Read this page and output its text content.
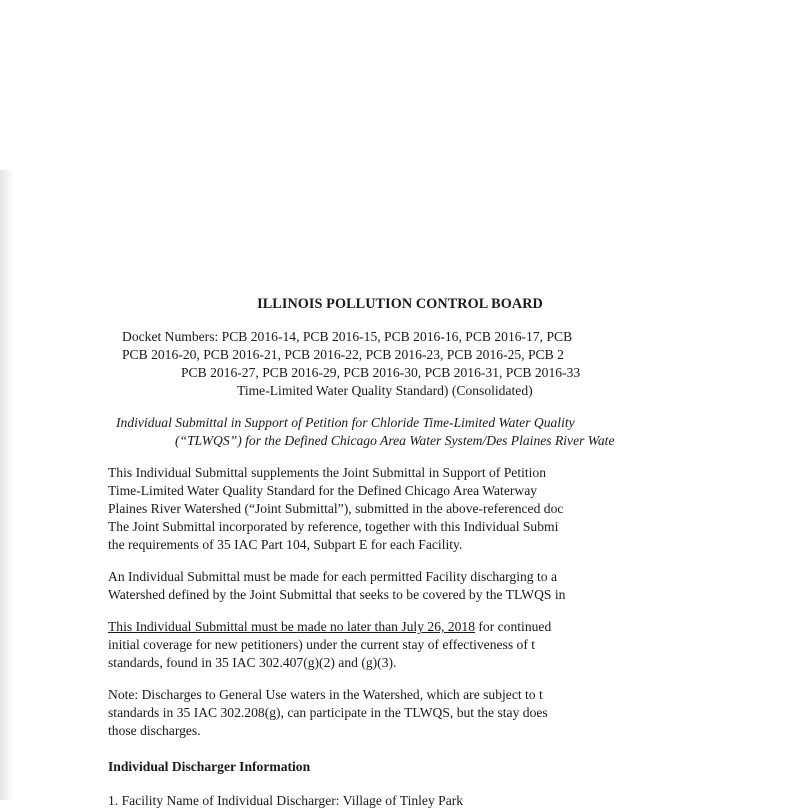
ILLINOIS POLLUTION CONTROL BOARD

Docket Numbers: PCB 2016-14, PCB 2016-15, PCB 2016-16, PCB 2016-17, PCB

PCB 2016-20, PCB 2016-21, PCB 2016-22, PCB 2016-23, PCB 2016-25, PCB 2

PCB 2016-27, PCB 2016-29, PCB 2016-30, PCB 2016-31, PCB 2016-33

Time-Limited Water Quality Standard) (Consolidated)

Individual Submittal in Support of Petition for Chloride Time-Limited Water Quality

(“TLWQS”) for the Defined Chicago Area Water System/Des Plaines River Wate

This Individual Submittal supplements the Joint Submittal in Support of Petition

Time-Limited Water Quality Standard for the Defined Chicago Area Waterway

Plaines River Watershed (“Joint Submittal”), submitted in the above-referenced doc

The Joint Submittal incorporated by reference, together with this Individual Submi

the requirements of 35 IAC Part 104, Subpart E for each Facility.

An Individual Submittal must be made for each permitted Facility discharging to a

Watershed defined by the Joint Submittal that seeks to be covered by the TLWQS in

This Individual Submittal must be made no later than July 26, 2018 for continued

initial coverage for new petitioners) under the current stay of effectiveness of t

standards, found in 35 IAC 302.407(g)(2) and (g)(3).

Note: Discharges to General Use waters in the Watershed, which are subject to t

standards in 35 IAC 302.208(g), can participate in the TLWQS, but the stay does

those discharges.

Individual Discharger Information

1. Facility Name of Individual Discharger: Village of Tinley Park
